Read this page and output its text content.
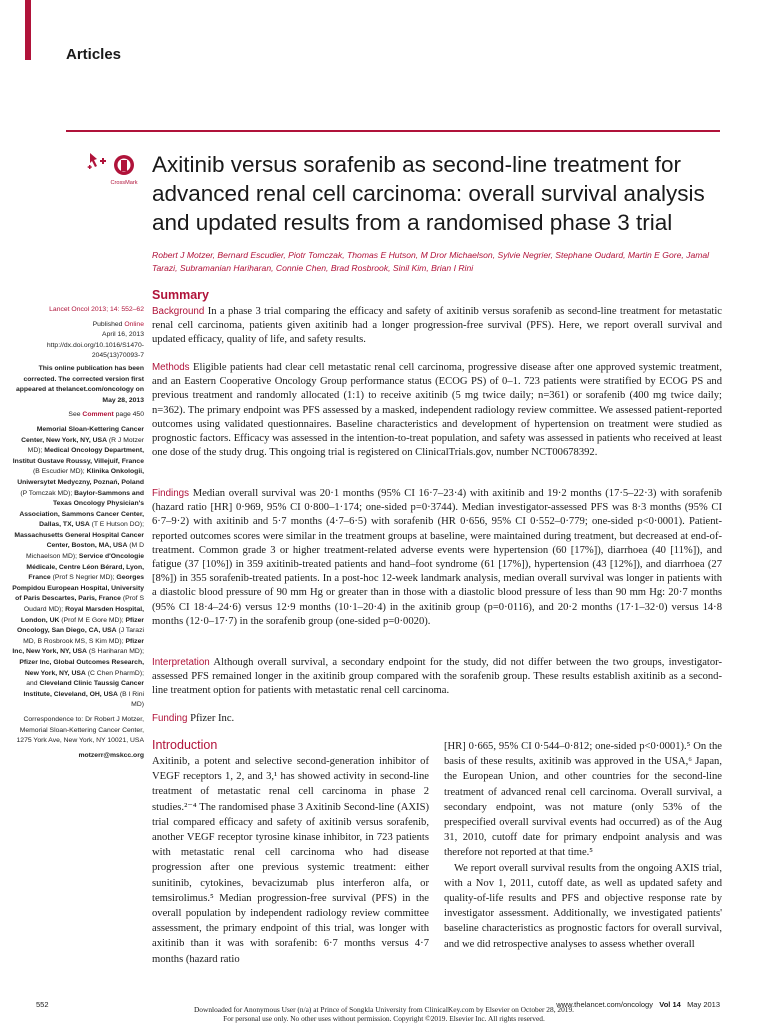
Articles
CrossMark
Axitinib versus sorafenib as second-line treatment for advanced renal cell carcinoma: overall survival analysis and updated results from a randomised phase 3 trial
Robert J Motzer, Bernard Escudier, Piotr Tomczak, Thomas E Hutson, M Dror Michaelson, Sylvie Negrier, Stephane Oudard, Martin E Gore, Jamal Tarazi, Subramanian Hariharan, Connie Chen, Brad Rosbrook, Sinil Kim, Brian I Rini
Summary
Background In a phase 3 trial comparing the efficacy and safety of axitinib versus sorafenib as second-line treatment for metastatic renal cell carcinoma, patients given axitinib had a longer progression-free survival (PFS). Here, we report overall survival and updated efficacy, quality of life, and safety results.
Methods Eligible patients had clear cell metastatic renal cell carcinoma, progressive disease after one approved systemic treatment, and an Eastern Cooperative Oncology Group performance status (ECOG PS) of 0–1. 723 patients were stratified by ECOG PS and previous treatment and randomly allocated (1:1) to receive axitinib (5 mg twice daily; n=361) or sorafenib (400 mg twice daily; n=362). The primary endpoint was PFS assessed by a masked, independent radiology review committee. We assessed patient-reported outcomes using validated questionnaires. Baseline characteristics and development of hypertension on treatment were studied as prognostic factors. Efficacy was assessed in the intention-to-treat population, and safety was assessed in patients who received at least one dose of the study drug. This ongoing trial is registered on ClinicalTrials.gov, number NCT00678392.
Findings Median overall survival was 20·1 months (95% CI 16·7–23·4) with axitinib and 19·2 months (17·5–22·3) with sorafenib (hazard ratio [HR] 0·969, 95% CI 0·800–1·174; one-sided p=0·3744). Median investigator-assessed PFS was 8·3 months (95% CI 6·7–9·2) with axitinib and 5·7 months (4·7–6·5) with sorafenib (HR 0·656, 95% CI 0·552–0·779; one-sided p<0·0001). Patient-reported outcomes scores were similar in the treatment groups at baseline, were maintained during treatment, but decreased at end-of-treatment. Common grade 3 or higher treatment-related adverse events were hypertension (60 [17%]), diarrhoea (40 [11%]), and fatigue (37 [10%]) in 359 axitinib-treated patients and hand–foot syndrome (61 [17%]), hypertension (43 [12%]), and diarrhoea (27 [8%]) in 355 sorafenib-treated patients. In a post-hoc 12-week landmark analysis, median overall survival was longer in patients with a diastolic blood pressure of 90 mm Hg or greater than in those with a diastolic blood pressure of less than 90 mm Hg: 20·7 months (95% CI 18·4–24·6) versus 12·9 months (10·1–20·4) in the axitinib group (p=0·0116), and 20·2 months (17·1–32·0) versus 14·8 months (12·0–17·7) in the sorafenib group (one-sided p=0·0020).
Interpretation Although overall survival, a secondary endpoint for the study, did not differ between the two groups, investigator-assessed PFS remained longer in the axitinib group compared with the sorafenib group. These results establish axitinib as a second-line treatment option for patients with metastatic renal cell carcinoma.
Funding Pfizer Inc.

Lancet Oncol 2013; 14: 552–62

Published Online
April 16, 2013
http://dx.doi.org/10.1016/S1470-2045(13)70093-7

This online publication has been corrected. The corrected version first appeared at thelancet.com/oncology on May 28, 2013

See Comment page 450

Memorial Sloan-Kettering Cancer Center, New York, NY, USA (R J Motzer MD); Medical Oncology Department, Institut Gustave Roussy, Villejuif, France (B Escudier MD); Klinika Onkologii, Uniwersytet Medyczny, Poznań, Poland (P Tomczak MD); Baylor-Sammons and Texas Oncology Physician's Association, Sammons Cancer Center, Dallas, TX, USA (T E Hutson DO); Massachusetts General Hospital Cancer Center, Boston, MA, USA (M D Michaelson MD); Service d'Oncologie Médicale, Centre Léon Bérard, Lyon, France (Prof S Negrier MD); Georges Pompidou European Hospital, University of Paris Descartes, Paris, France (Prof S Oudard MD); Royal Marsden Hospital, London, UK (Prof M E Gore MD); Pfizer Oncology, San Diego, CA, USA (J Tarazi MD, B Rosbrook MS, S Kim MD); Pfizer Inc, New York, NY, USA (S Hariharan MD); Pfizer Inc, Global Outcomes Research, New York, NY, USA (C Chen PharmD); and Cleveland Clinic Taussig Cancer Institute, Cleveland, OH, USA (B I Rini MD)

Correspondence to: Dr Robert J Motzer, Memorial Sloan-Kettering Cancer Center, 1275 York Ave, New York, NY 10021, USA

motzerr@mskcc.org

Introduction
Axitinib, a potent and selective second-generation inhibitor of VEGF receptors 1, 2, and 3,¹ has showed activity in second-line treatment of metastatic renal cell carcinoma in phase 2 studies.²⁻⁴ The randomised phase 3 Axitinib Second-line (AXIS) trial compared efficacy and safety of axitinib versus sorafenib, another VEGF receptor tyrosine kinase inhibitor, in 723 patients with metastatic renal cell carcinoma who had disease progression after one previous systemic treatment: either sunitinib, cytokines, bevacizumab plus interferon alfa, or temsirolimus.⁵ Median progression-free survival (PFS) in the overall population by independent radiology review committee assessment, the primary endpoint of this trial, was longer with axitinib than it was with sorafenib: 6·7 months versus 4·7 months (hazard ratio

[HR] 0·665, 95% CI 0·544–0·812; one-sided p<0·0001).⁵ On the basis of these results, axitinib was approved in the USA,⁶ Japan, the European Union, and other countries for the second-line treatment of advanced renal cell carcinoma. Overall survival, a secondary endpoint, was not mature (only 53% of the prespecified overall survival events had occurred) as of the Aug 31, 2010, cutoff date for primary endpoint analysis and was therefore not reported at that time.⁵

We report overall survival results from the ongoing AXIS trial, with a Nov 1, 2011, cutoff date, as well as updated safety and quality-of-life results and PFS and objective response rate by investigator assessment. Additionally, we investigated patients' baseline characteristics as prognostic factors for overall survival, and we did retrospective analyses to assess whether overall

552	www.thelancet.com/oncology Vol 14 May 2013
Downloaded for Anonymous User (n/a) at Prince of Songkla University from ClinicalKey.com by Elsevier on October 28, 2019.
For personal use only. No other uses without permission. Copyright ©2019. Elsevier Inc. All rights reserved.
